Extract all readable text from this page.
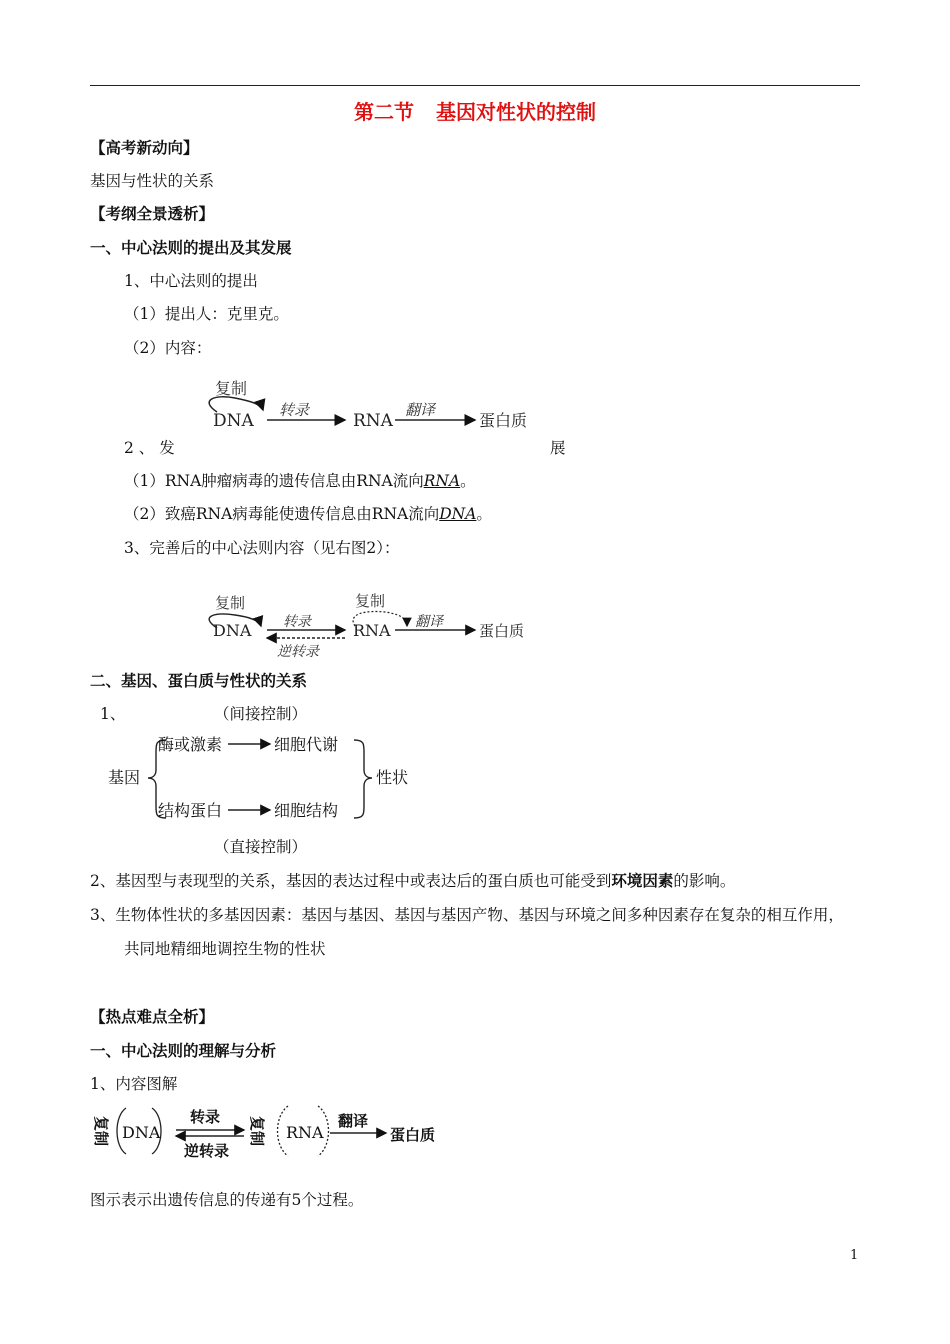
第二节 基因对性状的控制
【高考新动向】
基因与性状的关系
【考纲全景透析】
一、中心法则的提出及其发展
1、中心法则的提出
（1）提出人：克里克。
（2）内容：
复制
DNA
转录
RNA
翻译
蛋白质
2 、 发	展
（1）RNA肿瘤病毒的遗传信息由RNA流向RNA。
（2）致癌RNA病毒能使遗传信息由RNA流向DNA。
3、完善后的中心法则内容（见右图2）：
复制
DNA 转录
逆转录
复制
RNA 翻译 蛋白质
二、基因、蛋白质与性状的关系
1、	（间接控制）
基因
酶或激素	细胞代谢
结构蛋白	细胞结构
性状
（直接控制）
2、基因型与表现型的关系，基因的表达过程中或表达后的蛋白质也可能受到环境因素的影响。
3、生物体性状的多基因因素：基因与基因、基因与基因产物、基因与环境之间多种因素存在复杂的相互作用，
共同地精细地调控生物的性状
【热点难点全析】
一、中心法则的理解与分析
1、内容图解
复制 DNA
转录
逆转录
复制 RNA
翻译
蛋白质
图示表示出遗传信息的传递有5个过程。
1
